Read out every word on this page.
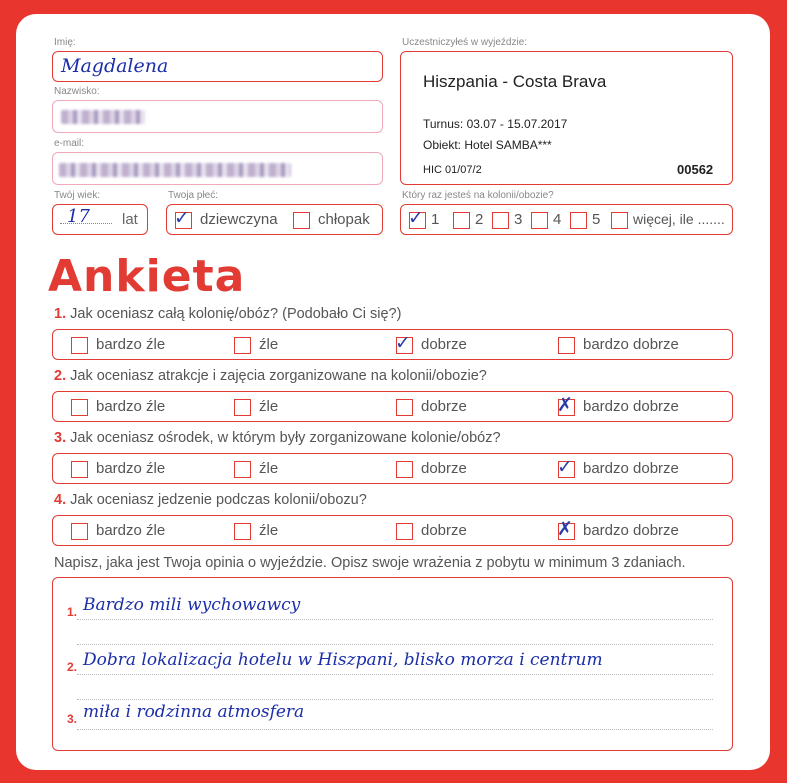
Imię:
Magdalena
Nazwisko:
e-mail:
Twój wiek:
17 lat
Twoja płeć:
✓ dziewczyna	chłopak
Uczestniczyłeś w wyjeździe:
Hiszpania - Costa Brava
Turnus: 03.07 - 15.07.2017
Obiekt: Hotel SAMBA***
HIC 01/07/2	00562
Który raz jesteś na kolonii/obozie?
✓ 1 2 3 4 5 więcej, ile .......
Ankieta
1. Jak oceniasz całą kolonię/obóz? (Podobało Ci się?)
bardzo źle	źle	✓ dobrze	bardzo dobrze
2. Jak oceniasz atrakcje i zajęcia zorganizowane na kolonii/obozie?
bardzo źle	źle	dobrze	✗ bardzo dobrze
3. Jak oceniasz ośrodek, w którym były zorganizowane kolonie/obóz?
bardzo źle	źle	dobrze	✓ bardzo dobrze
4. Jak oceniasz jedzenie podczas kolonii/obozu?
bardzo źle	źle	dobrze	✗ bardzo dobrze
Napisz, jaka jest Twoja opinia o wyjeździe. Opisz swoje wrażenia z pobytu w minimum 3 zdaniach.
1. Bardzo mili wychowawcy
2. Dobra lokalizacja hotelu w Hiszpani, blisko morza i centrum
3. miła i rodzinna atmosfera
